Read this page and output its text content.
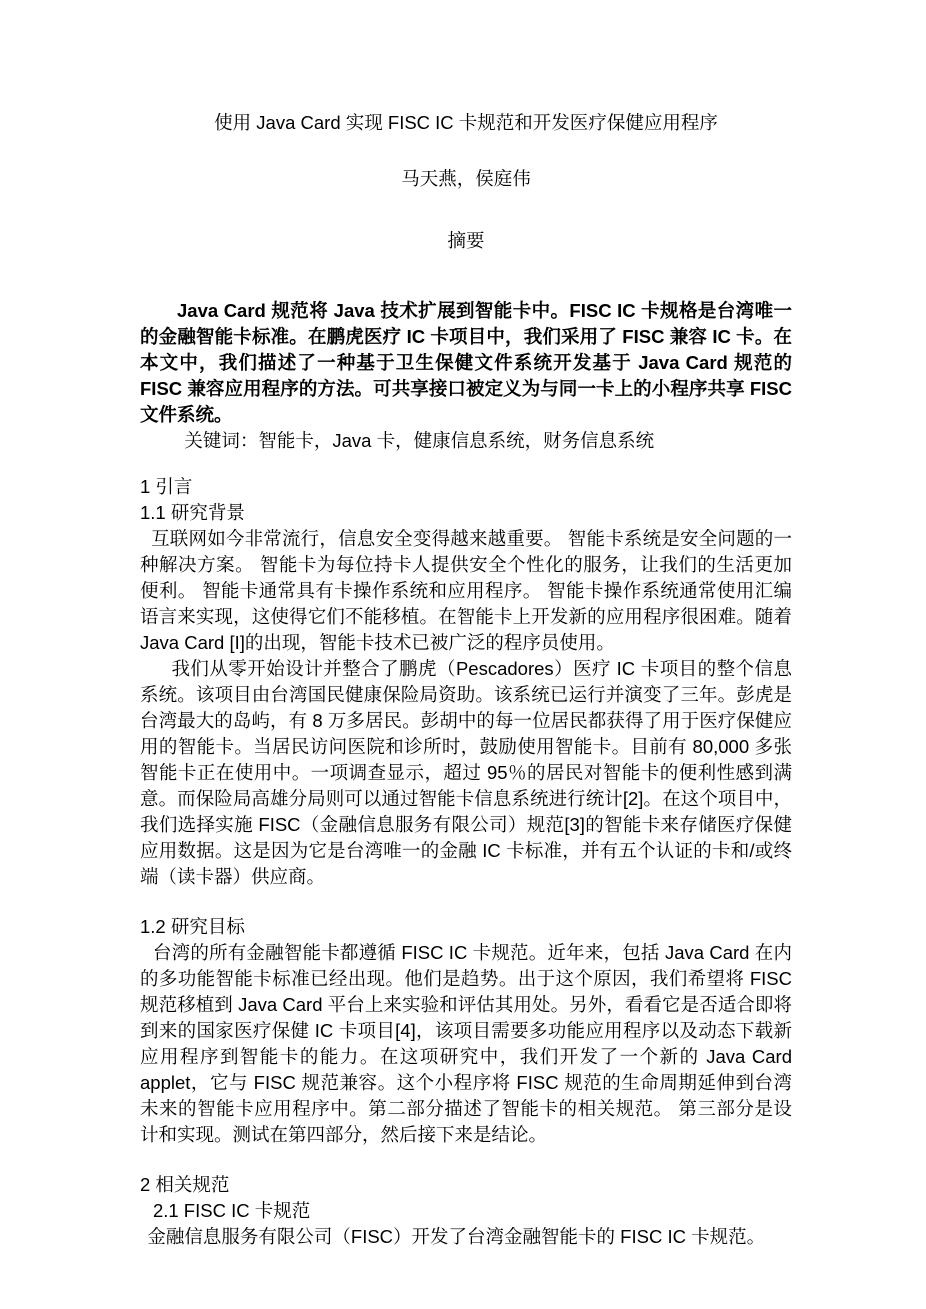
使用 Java Card 实现 FISC IC 卡规范和开发医疗保健应用程序
马天燕，侯庭伟
摘要

Java Card 规范将 Java 技术扩展到智能卡中。FISC IC 卡规格是台湾唯一的金融智能卡标准。在鹏虎医疗 IC 卡项目中，我们采用了 FISC 兼容 IC 卡。在本文中，我们描述了一种基于卫生保健文件系统开发基于 Java Card 规范的 FISC 兼容应用程序的方法。可共享接口被定义为与同一卡上的小程序共享 FISC 文件系统。

关键词：智能卡，Java 卡，健康信息系统，财务信息系统

1 引言
1.1 研究背景

互联网如今非常流行，信息安全变得越来越重要。 智能卡系统是安全问题的一种解决方案。 智能卡为每位持卡人提供安全个性化的服务，让我们的生活更加便利。 智能卡通常具有卡操作系统和应用程序。 智能卡操作系统通常使用汇编语言来实现，这使得它们不能移植。在智能卡上开发新的应用程序很困难。随着 Java Card [I]的出现，智能卡技术已被广泛的程序员使用。

我们从零开始设计并整合了鹏虎（Pescadores）医疗 IC 卡项目的整个信息系统。该项目由台湾国民健康保险局资助。该系统已运行并演变了三年。彭虎是台湾最大的岛屿，有 8 万多居民。彭胡中的每一位居民都获得了用于医疗保健应用的智能卡。当居民访问医院和诊所时，鼓励使用智能卡。目前有 80,000 多张智能卡正在使用中。一项调查显示，超过 95％的居民对智能卡的便利性感到满意。而保险局高雄分局则可以通过智能卡信息系统进行统计[2]。在这个项目中，我们选择实施 FISC（金融信息服务有限公司）规范[3]的智能卡来存储医疗保健应用数据。这是因为它是台湾唯一的金融 IC 卡标准，并有五个认证的卡和/或终端（读卡器）供应商。

1.2 研究目标

台湾的所有金融智能卡都遵循 FISC IC 卡规范。近年来，包括 Java Card 在内的多功能智能卡标准已经出现。他们是趋势。出于这个原因，我们希望将 FISC 规范移植到 Java Card 平台上来实验和评估其用处。另外，看看它是否适合即将到来的国家医疗保健 IC 卡项目[4]，该项目需要多功能应用程序以及动态下载新应用程序到智能卡的能力。在这项研究中，我们开发了一个新的 Java Card applet，它与 FISC 规范兼容。这个小程序将 FISC 规范的生命周期延伸到台湾未来的智能卡应用程序中。第二部分描述了智能卡的相关规范。 第三部分是设计和实现。测试在第四部分，然后接下来是结论。

2 相关规范
2.1 FISC IC 卡规范

金融信息服务有限公司（FISC）开发了台湾金融智能卡的 FISC IC 卡规范。
